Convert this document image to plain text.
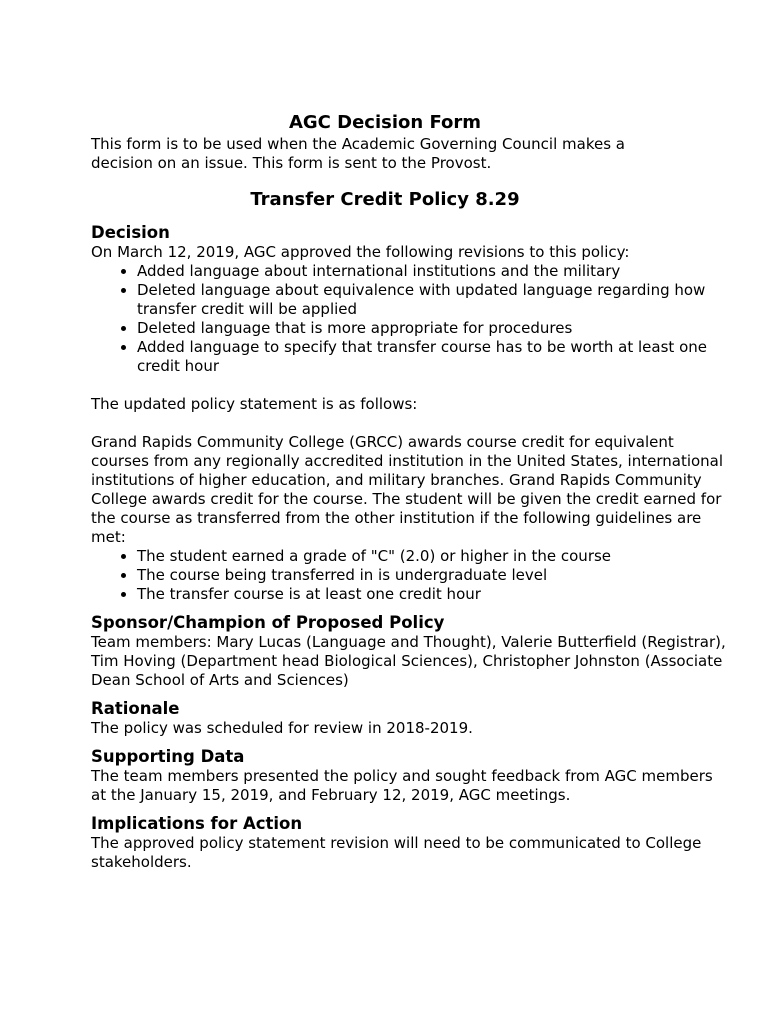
AGC Decision Form

This form is to be used when the Academic Governing Council makes a decision on an issue. This form is sent to the Provost.

Transfer Credit Policy 8.29
Decision

On March 12, 2019, AGC approved the following revisions to this policy:

• Added language about international institutions and the military
• Deleted language about equivalence with updated language regarding how transfer credit will be applied
• Deleted language that is more appropriate for procedures
• Added language to specify that transfer course has to be worth at least one credit hour

The updated policy statement is as follows:

Grand Rapids Community College (GRCC) awards course credit for equivalent courses from any regionally accredited institution in the United States, international institutions of higher education, and military branches. Grand Rapids Community College awards credit for the course. The student will be given the credit earned for the course as transferred from the other institution if the following guidelines are met:

• The student earned a grade of "C" (2.0) or higher in the course
• The course being transferred in is undergraduate level
• The transfer course is at least one credit hour
Sponsor/Champion of Proposed Policy

Team members: Mary Lucas (Language and Thought), Valerie Butterfield (Registrar), Tim Hoving (Department head Biological Sciences), Christopher Johnston (Associate Dean School of Arts and Sciences)

Rationale

The policy was scheduled for review in 2018-2019.

Supporting Data

The team members presented the policy and sought feedback from AGC members at the January 15, 2019, and February 12, 2019, AGC meetings.

Implications for Action

The approved policy statement revision will need to be communicated to College stakeholders.
